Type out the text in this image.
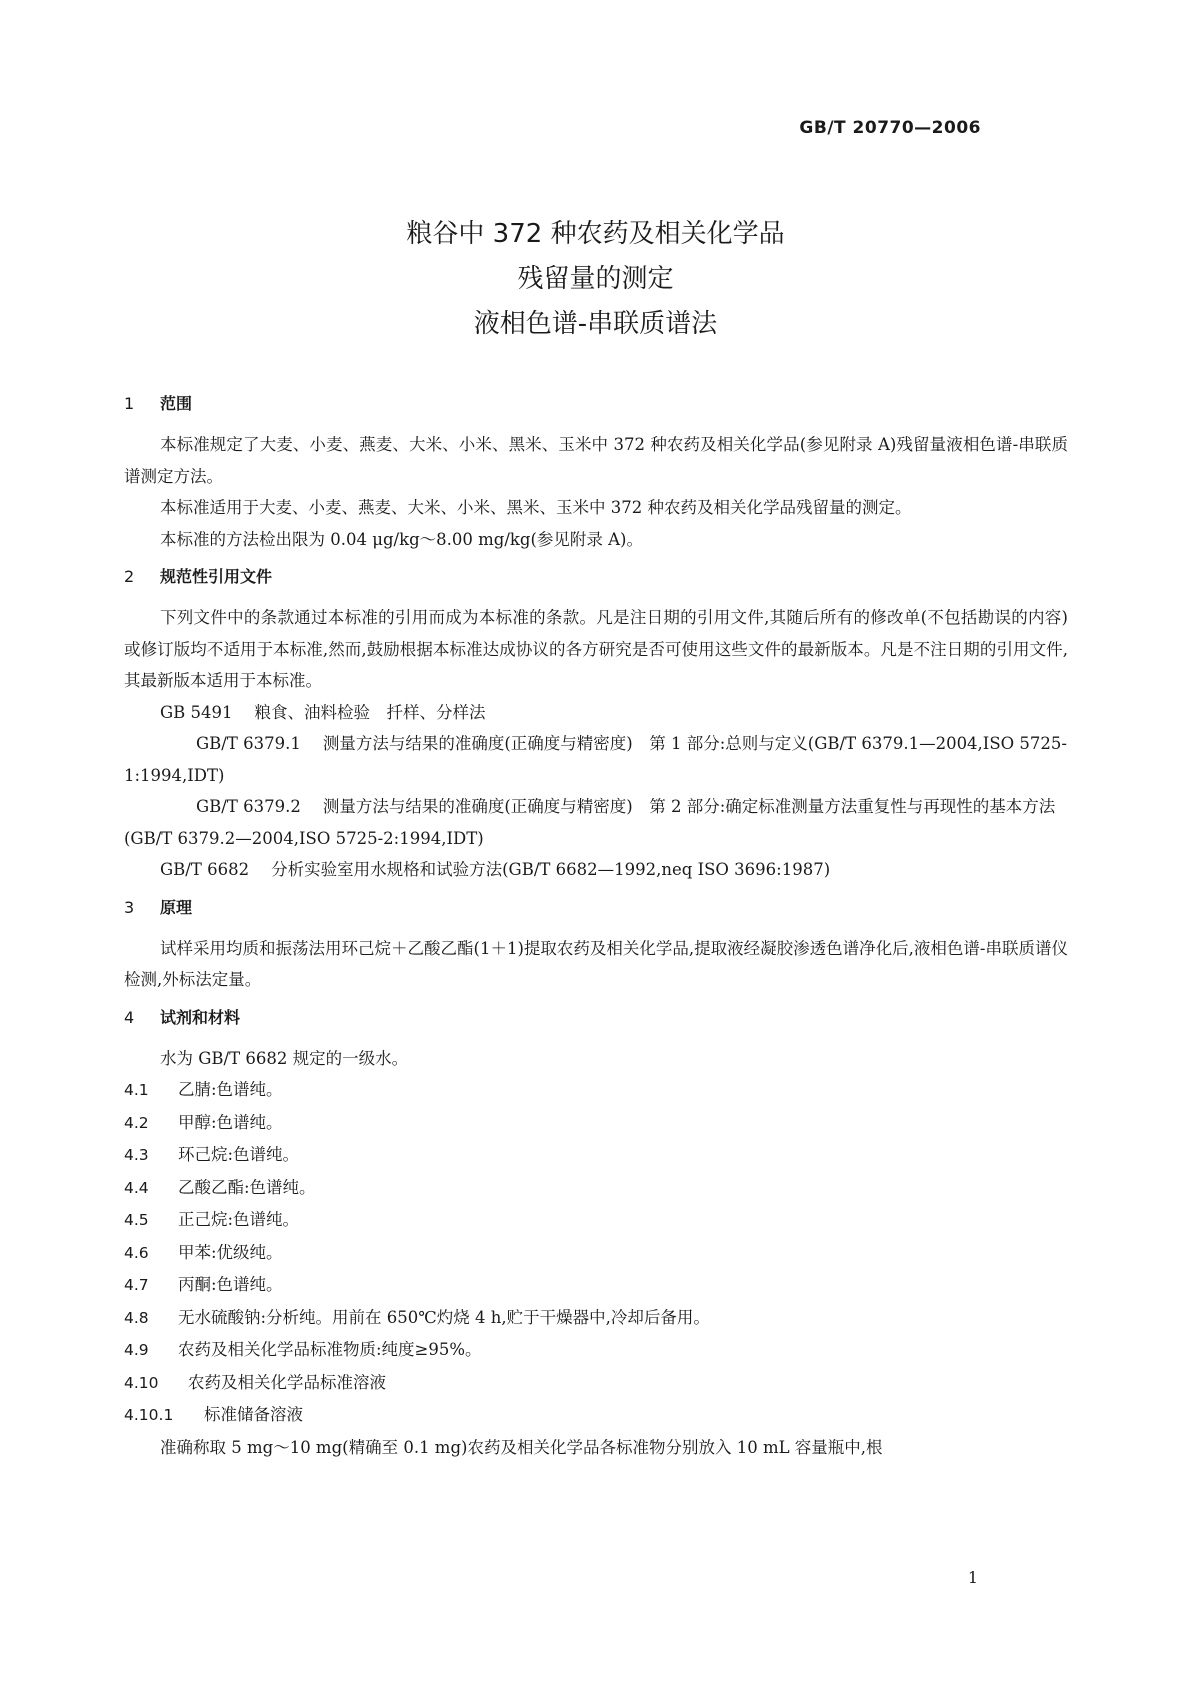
GB/T 20770—2006
粮谷中 372 种农药及相关化学品
残留量的测定
液相色谱-串联质谱法
1 范围
本标准规定了大麦、小麦、燕麦、大米、小米、黑米、玉米中 372 种农药及相关化学品(参见附录 A)残留量液相色谱-串联质谱测定方法。
本标准适用于大麦、小麦、燕麦、大米、小米、黑米、玉米中 372 种农药及相关化学品残留量的测定。
本标准的方法检出限为 0.04 μg/kg～8.00 mg/kg(参见附录 A)。
2 规范性引用文件
下列文件中的条款通过本标准的引用而成为本标准的条款。凡是注日期的引用文件,其随后所有的修改单(不包括勘误的内容)或修订版均不适用于本标准,然而,鼓励根据本标准达成协议的各方研究是否可使用这些文件的最新版本。凡是不注日期的引用文件,其最新版本适用于本标准。
GB 5491 粮食、油料检验　扦样、分样法
GB/T 6379.1 测量方法与结果的准确度(正确度与精密度)　第 1 部分:总则与定义(GB/T 6379.1—2004,ISO 5725-1:1994,IDT)
GB/T 6379.2 测量方法与结果的准确度(正确度与精密度)　第 2 部分:确定标准测量方法重复性与再现性的基本方法(GB/T 6379.2—2004,ISO 5725-2:1994,IDT)
GB/T 6682 分析实验室用水规格和试验方法(GB/T 6682—1992,neq ISO 3696:1987)
3 原理
试样采用均质和振荡法用环己烷＋乙酸乙酯(1＋1)提取农药及相关化学品,提取液经凝胶渗透色谱净化后,液相色谱-串联质谱仪检测,外标法定量。
4 试剂和材料
水为 GB/T 6682 规定的一级水。
4.1 乙腈:色谱纯。
4.2 甲醇:色谱纯。
4.3 环己烷:色谱纯。
4.4 乙酸乙酯:色谱纯。
4.5 正己烷:色谱纯。
4.6 甲苯:优级纯。
4.7 丙酮:色谱纯。
4.8 无水硫酸钠:分析纯。用前在 650℃灼烧 4 h,贮于干燥器中,冷却后备用。
4.9 农药及相关化学品标准物质:纯度≥95%。
4.10 农药及相关化学品标准溶液
4.10.1 标准储备溶液
准确称取 5 mg～10 mg(精确至 0.1 mg)农药及相关化学品各标准物分别放入 10 mL 容量瓶中,根
1
